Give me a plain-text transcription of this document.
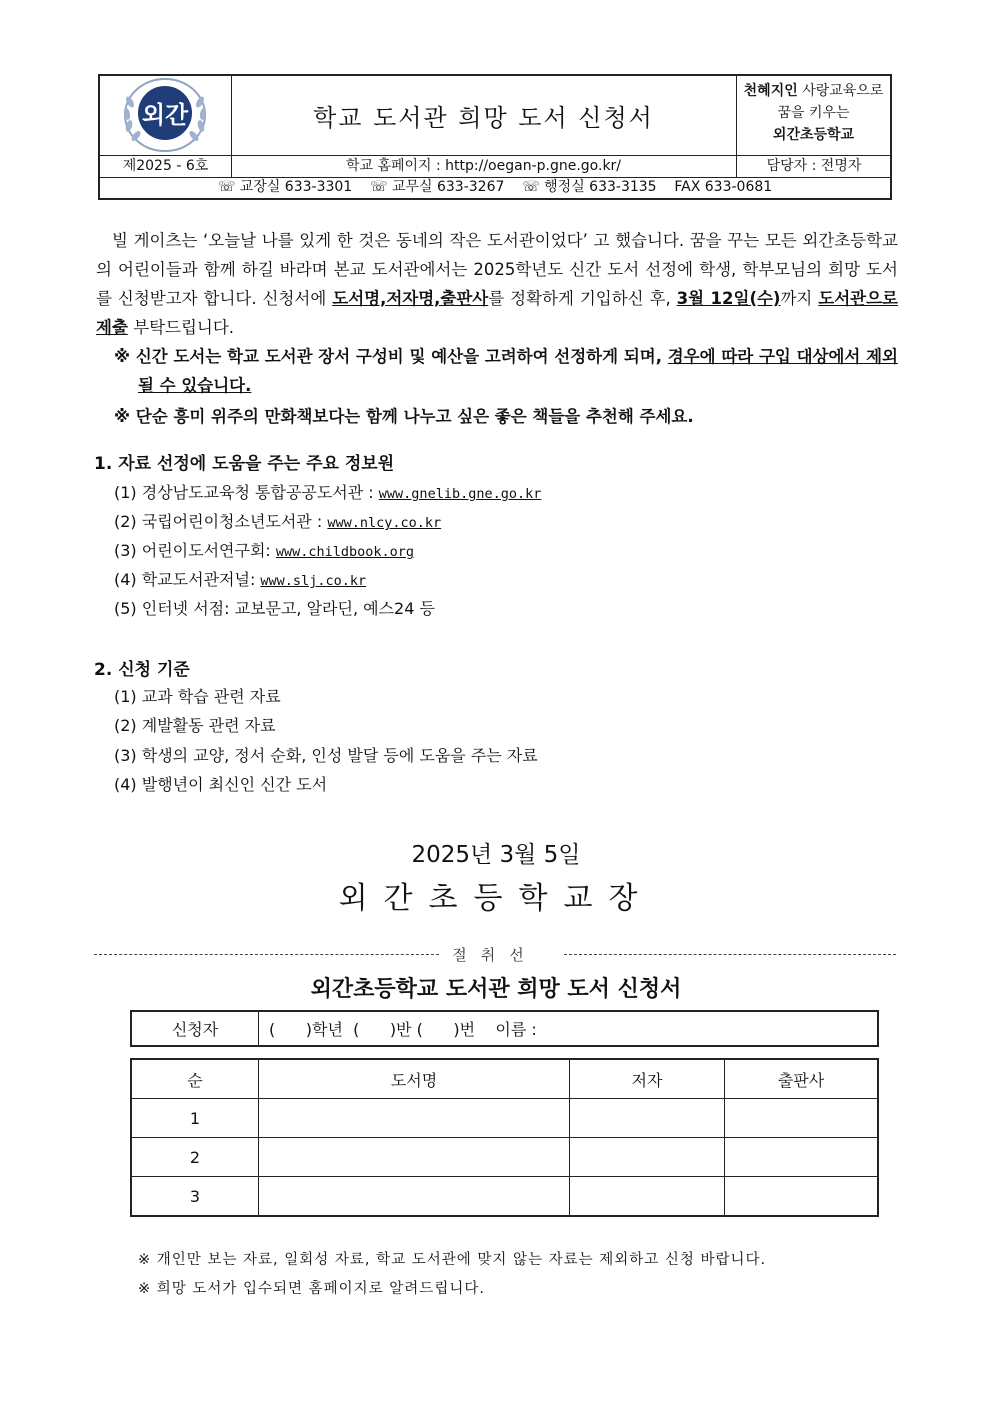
외간	학교 도서관 희망 도서 신청서
천혜지인 사랑교육으로
꿈을 키우는
외간초등학교
제2025 - 6호	학교 홈페이지 : http://oegan-p.gne.go.kr/	담당자 : 전명자
☏ 교장실 633-3301    ☏ 교무실 633-3267    ☏ 행정실 633-3135    FAX 633-0681
빌 게이츠는 ‘오늘날 나를 있게 한 것은 동네의 작은 도서관이었다’ 고 했습니다. 꿈을 꾸는 모든 외간초등학교의 어린이들과 함께 하길 바라며 본교 도서관에서는 2025학년도 신간 도서 선정에 학생, 학부모님의 희망 도서를 신청받고자 합니다. 신청서에 도서명,저자명,출판사를 정확하게 기입하신 후, 3월 12일(수)까지 도서관으로 제출 부탁드립니다.
※ 신간 도서는 학교 도서관 장서 구성비 및 예산을 고려하여 선정하게 되며, 경우에 따라 구입 대상에서 제외될 수 있습니다.
※ 단순 흥미 위주의 만화책보다는 함께 나누고 싶은 좋은 책들을 추천해 주세요.
1. 자료 선정에 도움을 주는 주요 정보원
(1) 경상남도교육청 통합공공도서관 : www.gnelib.gne.go.kr
(2) 국립어린이청소년도서관 : www.nlcy.co.kr
(3) 어린이도서연구회: www.childbook.org
(4) 학교도서관저널: www.slj.co.kr
(5) 인터넷 서점: 교보문고, 알라딘, 예스24 등
2. 신청 기준
(1) 교과 학습 관련 자료
(2) 계발활동 관련 자료
(3) 학생의 교양, 정서 순화, 인성 발달 등에 도움을 주는 자료
(4) 발행년이 최신인 신간 도서
2025년 3월 5일
외간초등학교장
절취선
외간초등학교 도서관 희망 도서 신청서
신청자	(      )학년  (      )반 (      )번    이름 :
순	도서명	저자	출판사
1			
2			
3			
※ 개인만 보는 자료, 일회성 자료, 학교 도서관에 맞지 않는 자료는 제외하고 신청 바랍니다.
※ 희망 도서가 입수되면 홈페이지로 알려드립니다.
